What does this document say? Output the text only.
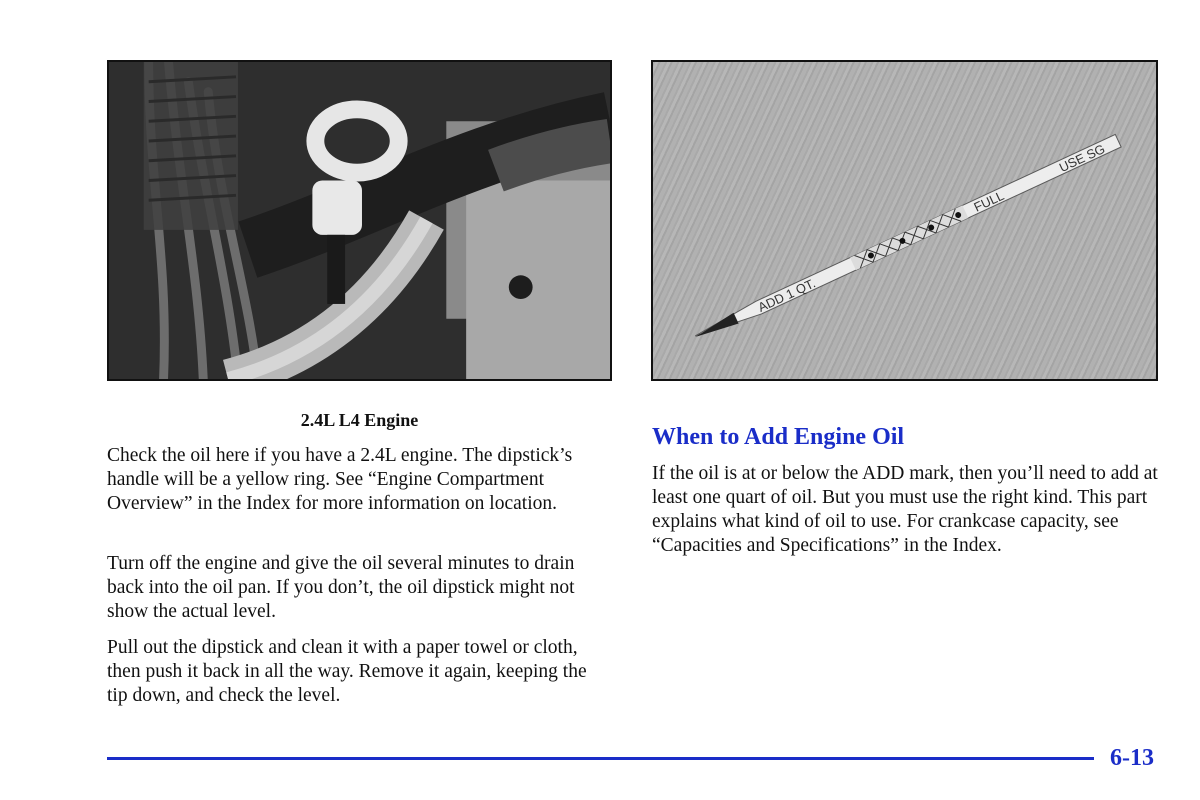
ADD 1 QT.
FULL
USE SG
2.4L L4 Engine

Check the oil here if you have a 2.4L engine. The dipstick’s handle will be a yellow ring. See “Engine Compartment Overview” in the Index for more information on location.

Turn off the engine and give the oil several minutes to drain back into the oil pan. If you don’t, the oil dipstick might not show the actual level.

Pull out the dipstick and clean it with a paper towel or cloth, then push it back in all the way. Remove it again, keeping the tip down, and check the level.

When to Add Engine Oil

If the oil is at or below the ADD mark, then you’ll need to add at least one quart of oil. But you must use the right kind. This part explains what kind of oil to use. For crankcase capacity, see “Capacities and Specifications” in the Index.

6-13
